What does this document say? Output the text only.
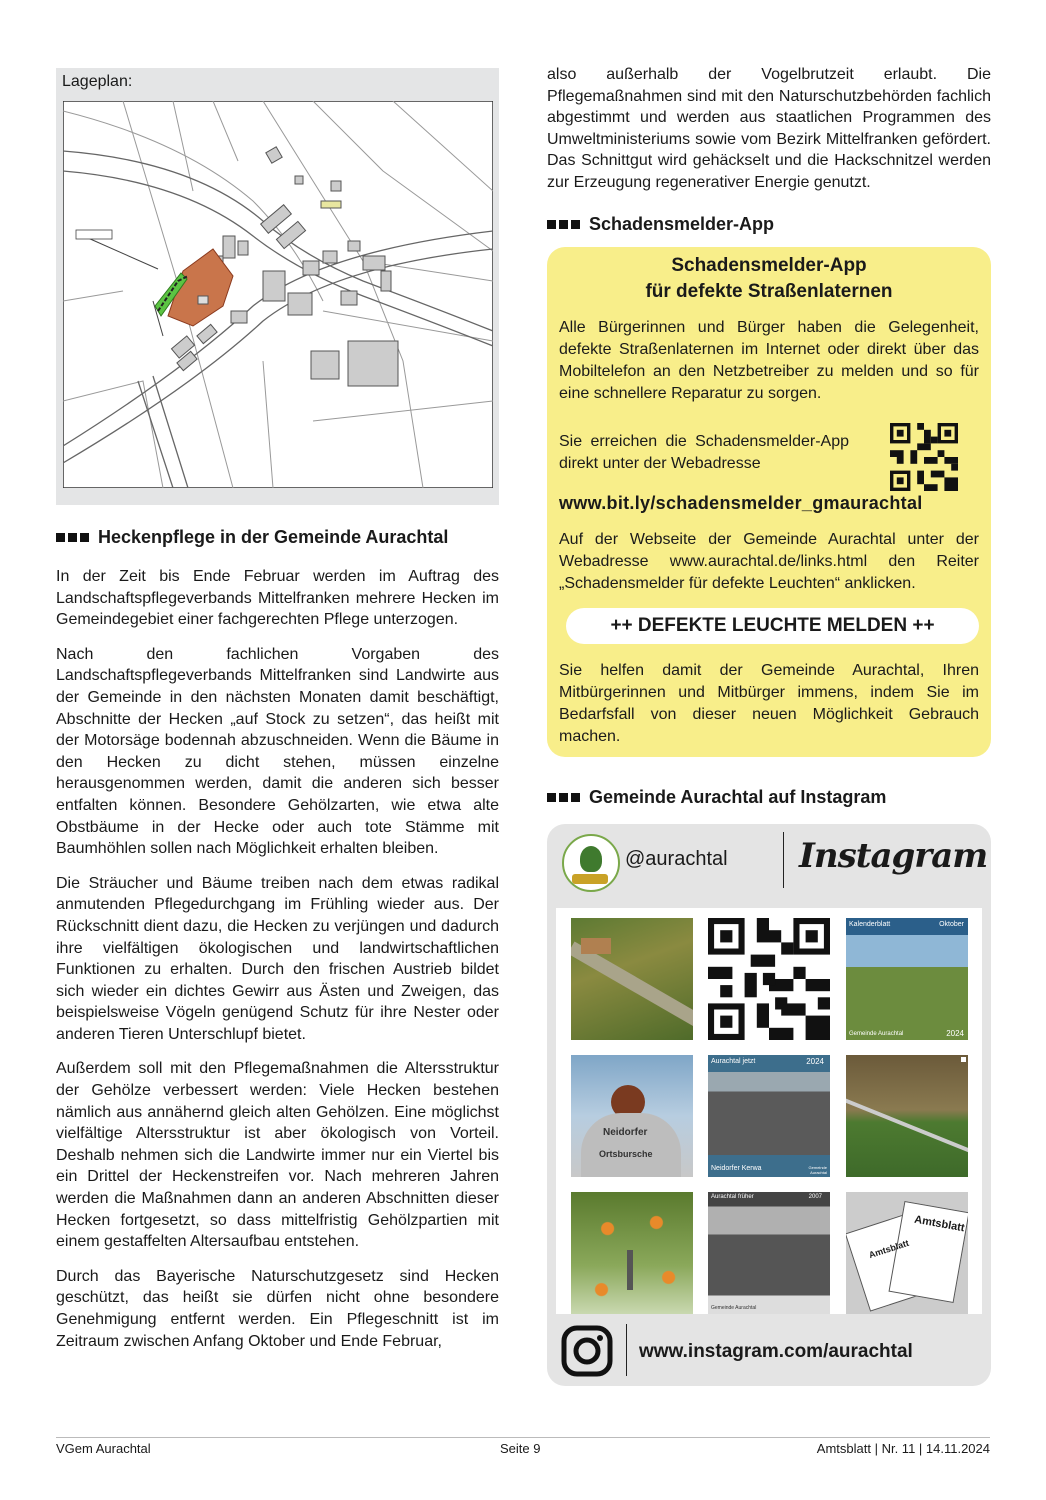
Lageplan:
Heckenpflege in der Gemeinde Aurachtal

In der Zeit bis Ende Februar werden im Auftrag des Landschaftspflegeverbands Mittelfranken mehrere Hecken im Gemeindegebiet einer fachgerechten Pflege unterzogen.

Nach den fachlichen Vorgaben des Landschaftspflegeverbands Mittelfranken sind Landwirte aus der Gemeinde in den nächsten Monaten damit beschäftigt, Abschnitte der Hecken „auf Stock zu setzen“, das heißt mit der Motorsäge bodennah abzuschneiden. Wenn die Bäume in den Hecken zu dicht stehen, müssen einzelne herausgenommen werden, damit die anderen sich besser entfalten können. Besondere Gehölzarten, wie etwa alte Obstbäume in der Hecke oder auch tote Stämme mit Baumhöhlen sollen nach Möglichkeit erhalten bleiben.

Die Sträucher und Bäume treiben nach dem etwas radikal anmutenden Pflegedurchgang im Frühling wieder aus. Der Rückschnitt dient dazu, die Hecken zu verjüngen und dadurch ihre vielfältigen ökologischen und landwirtschaftlichen Funktionen zu erhalten. Durch den frischen Austrieb bildet sich wieder ein dichtes Gewirr aus Ästen und Zweigen, das beispielsweise Vögeln genügend Schutz für ihre Nester oder anderen Tieren Unterschlupf bietet.

Außerdem soll mit den Pflegemaßnahmen die Altersstruktur der Gehölze verbessert werden: Viele Hecken bestehen nämlich aus annähernd gleich alten Gehölzen. Eine möglichst vielfältige Altersstruktur ist aber ökologisch von Vorteil. Deshalb nehmen sich die Landwirte immer nur ein Viertel bis ein Drittel der Heckenstreifen vor. Nach mehreren Jahren werden die Maßnahmen dann an anderen Abschnitten dieser Hecken fortgesetzt, so dass mittelfristig Gehölzpartien mit einem gestaffelten Altersaufbau entstehen.

Durch das Bayerische Naturschutzgesetz sind Hecken geschützt, das heißt sie dürfen nicht ohne besondere Genehmigung entfernt werden. Ein Pflegeschnitt ist im Zeitraum zwischen Anfang Oktober und Ende Februar,

also außerhalb der Vogelbrutzeit erlaubt. Die Pflegemaßnahmen sind mit den Naturschutzbehörden fachlich abgestimmt und werden aus staatlichen Programmen des Umweltministeriums sowie vom Bezirk Mittelfranken gefördert. Das Schnittgut wird gehäckselt und die Hackschnitzel werden zur Erzeugung regenerativer Energie genutzt.

Schadensmelder-App
Schadensmelder-App
für defekte Straßenlaternen
Alle Bürgerinnen und Bürger haben die Gelegenheit, defekte Straßenlaternen im Internet oder direkt über das Mobiltelefon an den Netzbetreiber zu melden und so für eine schnellere Reparatur zu sorgen.
Sie erreichen die Schadensmelder-App direkt unter der Webadresse
www.bit.ly/schadensmelder_gmaurachtal
Auf der Webseite der Gemeinde Aurachtal unter der Webadresse www.aurachtal.de/links.html den Reiter „Schadensmelder für defekte Leuchten“ anklicken.
++ DEFEKTE LEUCHTE MELDEN ++
Sie helfen damit der Gemeinde Aurachtal, Ihren Mitbürgerinnen und Mitbürger immens, indem Sie im Bedarfsfall von dieser neuen Möglichkeit Gebrauch machen.
Gemeinde Aurachtal auf Instagram
@aurachtal Instagram
Kalenderblatt	Oktober
Gemeinde Aurachtal	2024
Neidorfer
Ortsbursche
Aurachtal jetzt	2024
Neidorfer Kerwa	Gemeinde Aurachtal
Aurachtal früher	2007
Gemeinde Aurachtal
Amtsblatt
Amtsblatt
www.instagram.com/aurachtal
VGem Aurachtal	Seite 9	Amtsblatt | Nr. 11 | 14.11.2024
